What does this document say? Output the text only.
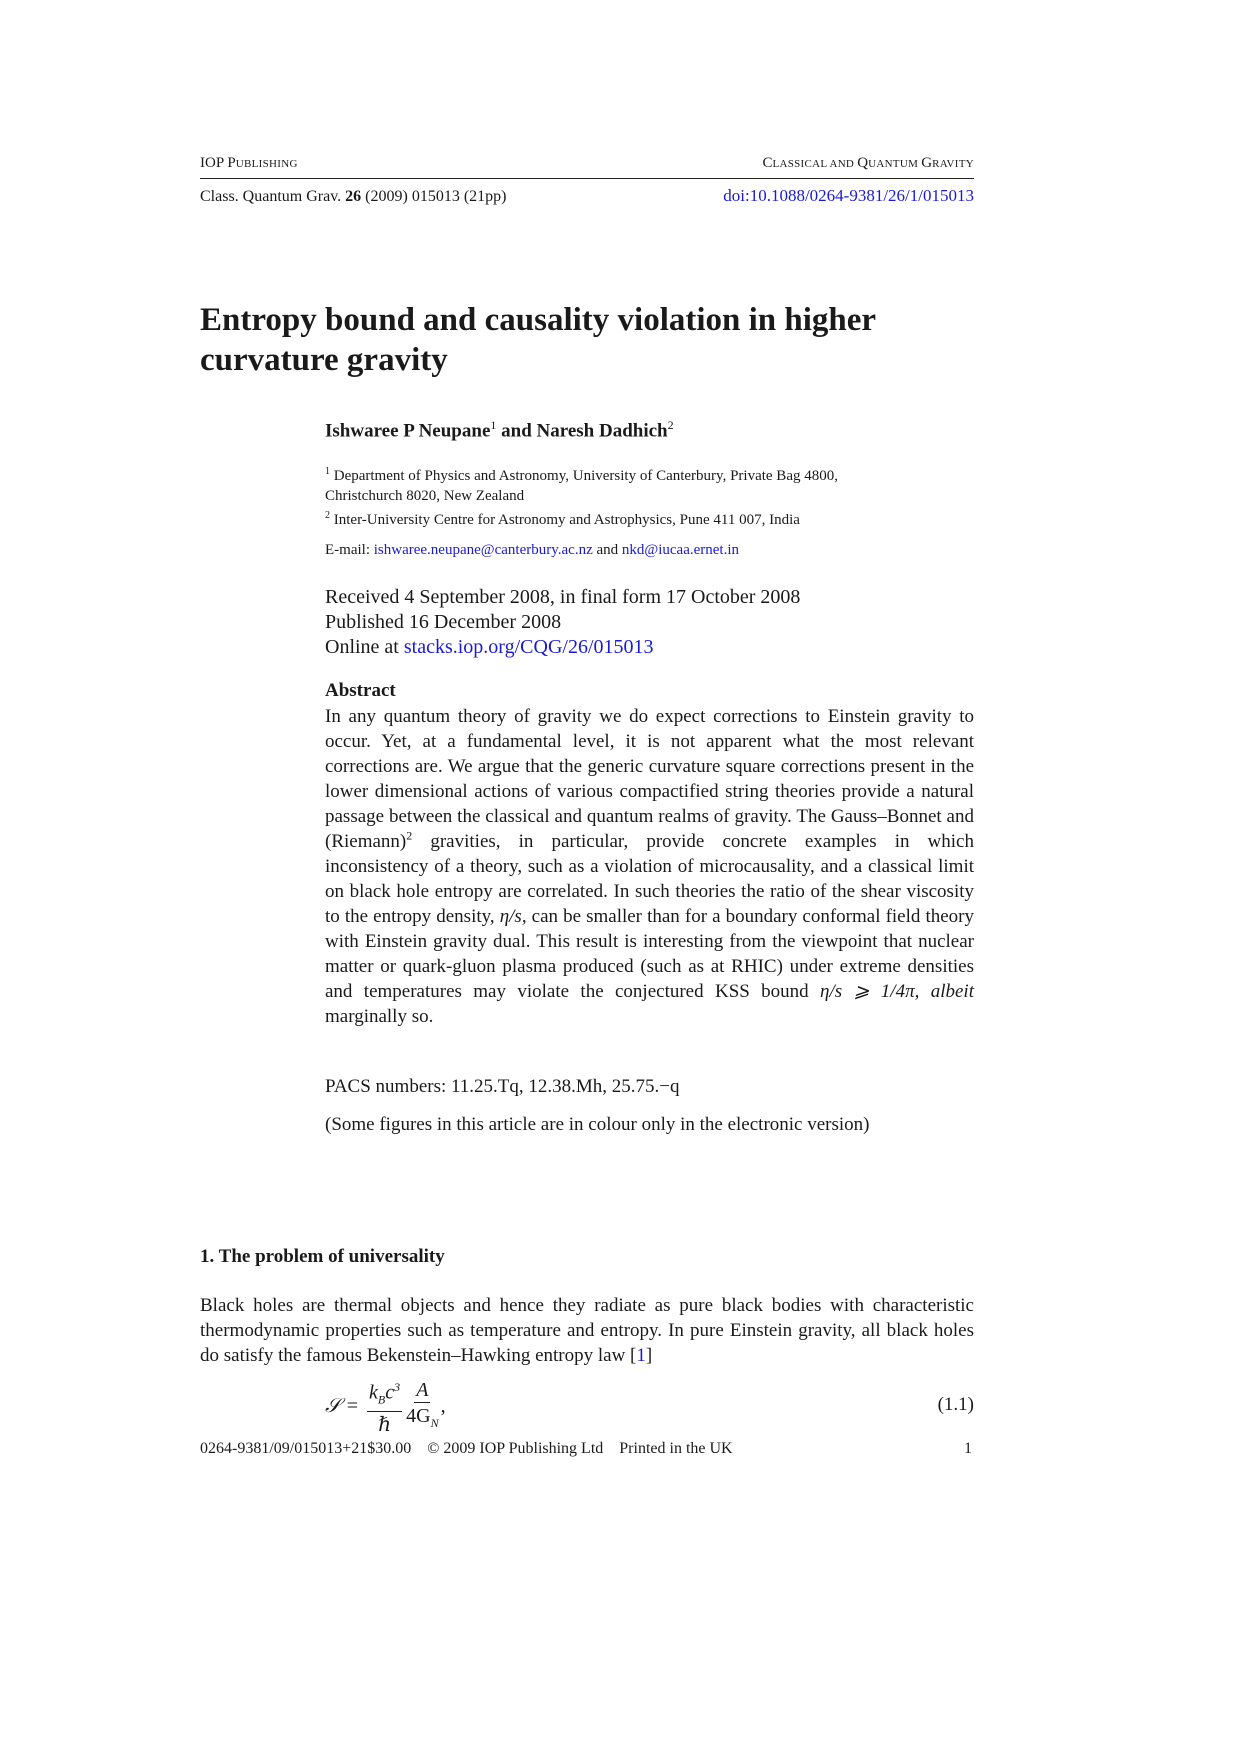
IOP PUBLISHING	CLASSICAL AND QUANTUM GRAVITY
Class. Quantum Grav. 26 (2009) 015013 (21pp)	doi:10.1088/0264-9381/26/1/015013
Entropy bound and causality violation in higher curvature gravity
Ishwaree P Neupane$^1$ and Naresh Dadhich$^2$
$^1$ Department of Physics and Astronomy, University of Canterbury, Private Bag 4800, Christchurch 8020, New Zealand
$^2$ Inter-University Centre for Astronomy and Astrophysics, Pune 411 007, India
E-mail: ishwaree.neupane@canterbury.ac.nz and nkd@iucaa.ernet.in
Received 4 September 2008, in final form 17 October 2008
Published 16 December 2008
Online at stacks.iop.org/CQG/26/015013
Abstract
In any quantum theory of gravity we do expect corrections to Einstein gravity to occur. Yet, at a fundamental level, it is not apparent what the most relevant corrections are. We argue that the generic curvature square corrections present in the lower dimensional actions of various compactified string theories provide a natural passage between the classical and quantum realms of gravity. The Gauss–Bonnet and (Riemann)$^2$ gravities, in particular, provide concrete examples in which inconsistency of a theory, such as a violation of microcausality, and a classical limit on black hole entropy are correlated. In such theories the ratio of the shear viscosity to the entropy density, η/s, can be smaller than for a boundary conformal field theory with Einstein gravity dual. This result is interesting from the viewpoint that nuclear matter or quark-gluon plasma produced (such as at RHIC) under extreme densities and temperatures may violate the conjectured KSS bound η/s ⩾ 1/4π, albeit marginally so.
PACS numbers: 11.25.Tq, 12.38.Mh, 25.75.−q
(Some figures in this article are in colour only in the electronic version)
1. The problem of universality
Black holes are thermal objects and hence they radiate as pure black bodies with characteristic thermodynamic properties such as temperature and entropy. In pure Einstein gravity, all black holes do satisfy the famous Bekenstein–Hawking entropy law [1]
𝒮 = $\frac{k_Bc^3}{\text{ℏ}} \frac{A}{4G_N}$ ,	(1.1)
0264-9381/09/015013+21$30.00 © 2009 IOP Publishing Ltd Printed in the UK	1
